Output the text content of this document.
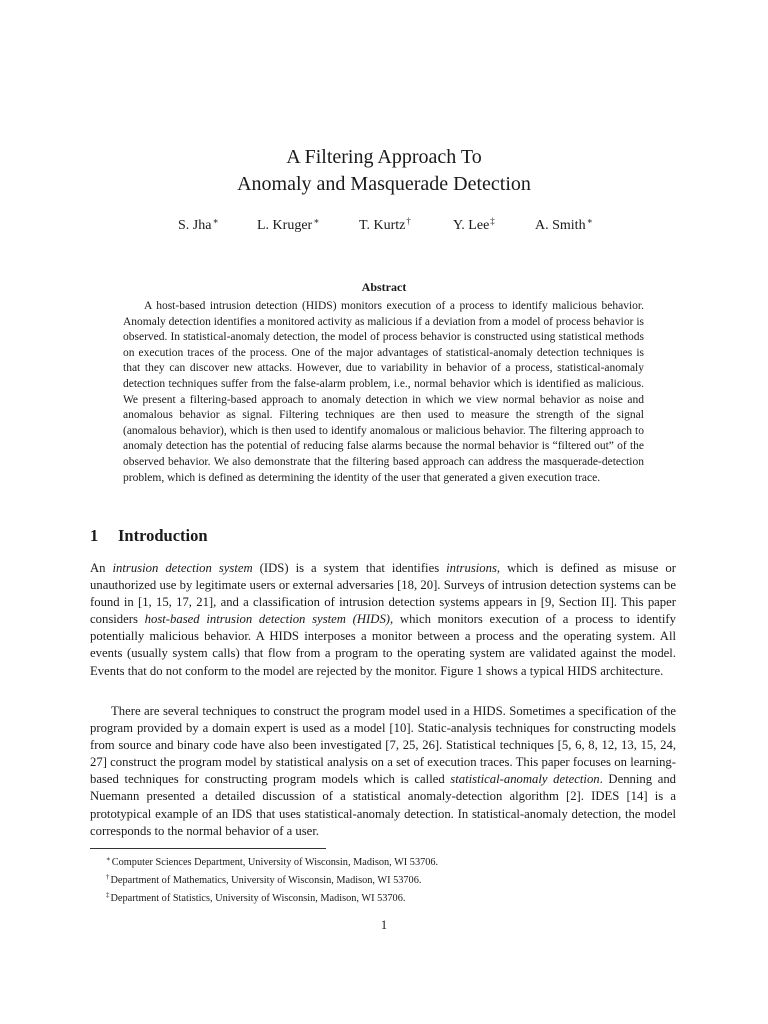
A Filtering Approach To
Anomaly and Masquerade Detection
S. Jha∗	L. Kruger∗	T. Kurtz†	Y. Lee‡	A. Smith∗
Abstract

A host-based intrusion detection (HIDS) monitors execution of a process to identify malicious behavior. Anomaly detection identifies a monitored activity as malicious if a deviation from a model of process behavior is observed. In statistical-anomaly detection, the model of process behavior is constructed using statistical methods on execution traces of the process. One of the major advantages of statistical-anomaly detection techniques is that they can discover new attacks. However, due to variability in behavior of a process, statistical-anomaly detection techniques suffer from the false-alarm problem, i.e., normal behavior which is identified as malicious. We present a filtering-based approach to anomaly detection in which we view normal behavior as noise and anomalous behavior as signal. Filtering techniques are then used to measure the strength of the signal (anomalous behavior), which is then used to identify anomalous or malicious behavior. The filtering approach to anomaly detection has the potential of reducing false alarms because the normal behavior is “filtered out” of the observed behavior. We also demonstrate that the filtering based approach can address the masquerade-detection problem, which is defined as determining the identity of the user that generated a given execution trace.

1 Introduction

An intrusion detection system (IDS) is a system that identifies intrusions, which is defined as misuse or unauthorized use by legitimate users or external adversaries [18, 20]. Surveys of intrusion detection systems can be found in [1, 15, 17, 21], and a classification of intrusion detection systems appears in [9, Section II]. This paper considers host-based intrusion detection system (HIDS), which monitors execution of a process to identify potentially malicious behavior. A HIDS interposes a monitor between a process and the operating system. All events (usually system calls) that flow from a program to the operating system are validated against the model. Events that do not conform to the model are rejected by the monitor. Figure 1 shows a typical HIDS architecture.

There are several techniques to construct the program model used in a HIDS. Sometimes a specification of the program provided by a domain expert is used as a model [10]. Static-analysis techniques for constructing models from source and binary code have also been investigated [7, 25, 26]. Statistical techniques [5, 6, 8, 12, 13, 15, 24, 27] construct the program model by statistical analysis on a set of execution traces. This paper focuses on learning-based techniques for constructing program models which is called statistical-anomaly detection. Denning and Nuemann presented a detailed discussion of a statistical anomaly-detection algorithm [2]. IDES [14] is a prototypical example of an IDS that uses statistical-anomaly detection. In statistical-anomaly detection, the model corresponds to the normal behavior of a user.

∗Computer Sciences Department, University of Wisconsin, Madison, WI 53706.
†Department of Mathematics, University of Wisconsin, Madison, WI 53706.
‡Department of Statistics, University of Wisconsin, Madison, WI 53706.
1
